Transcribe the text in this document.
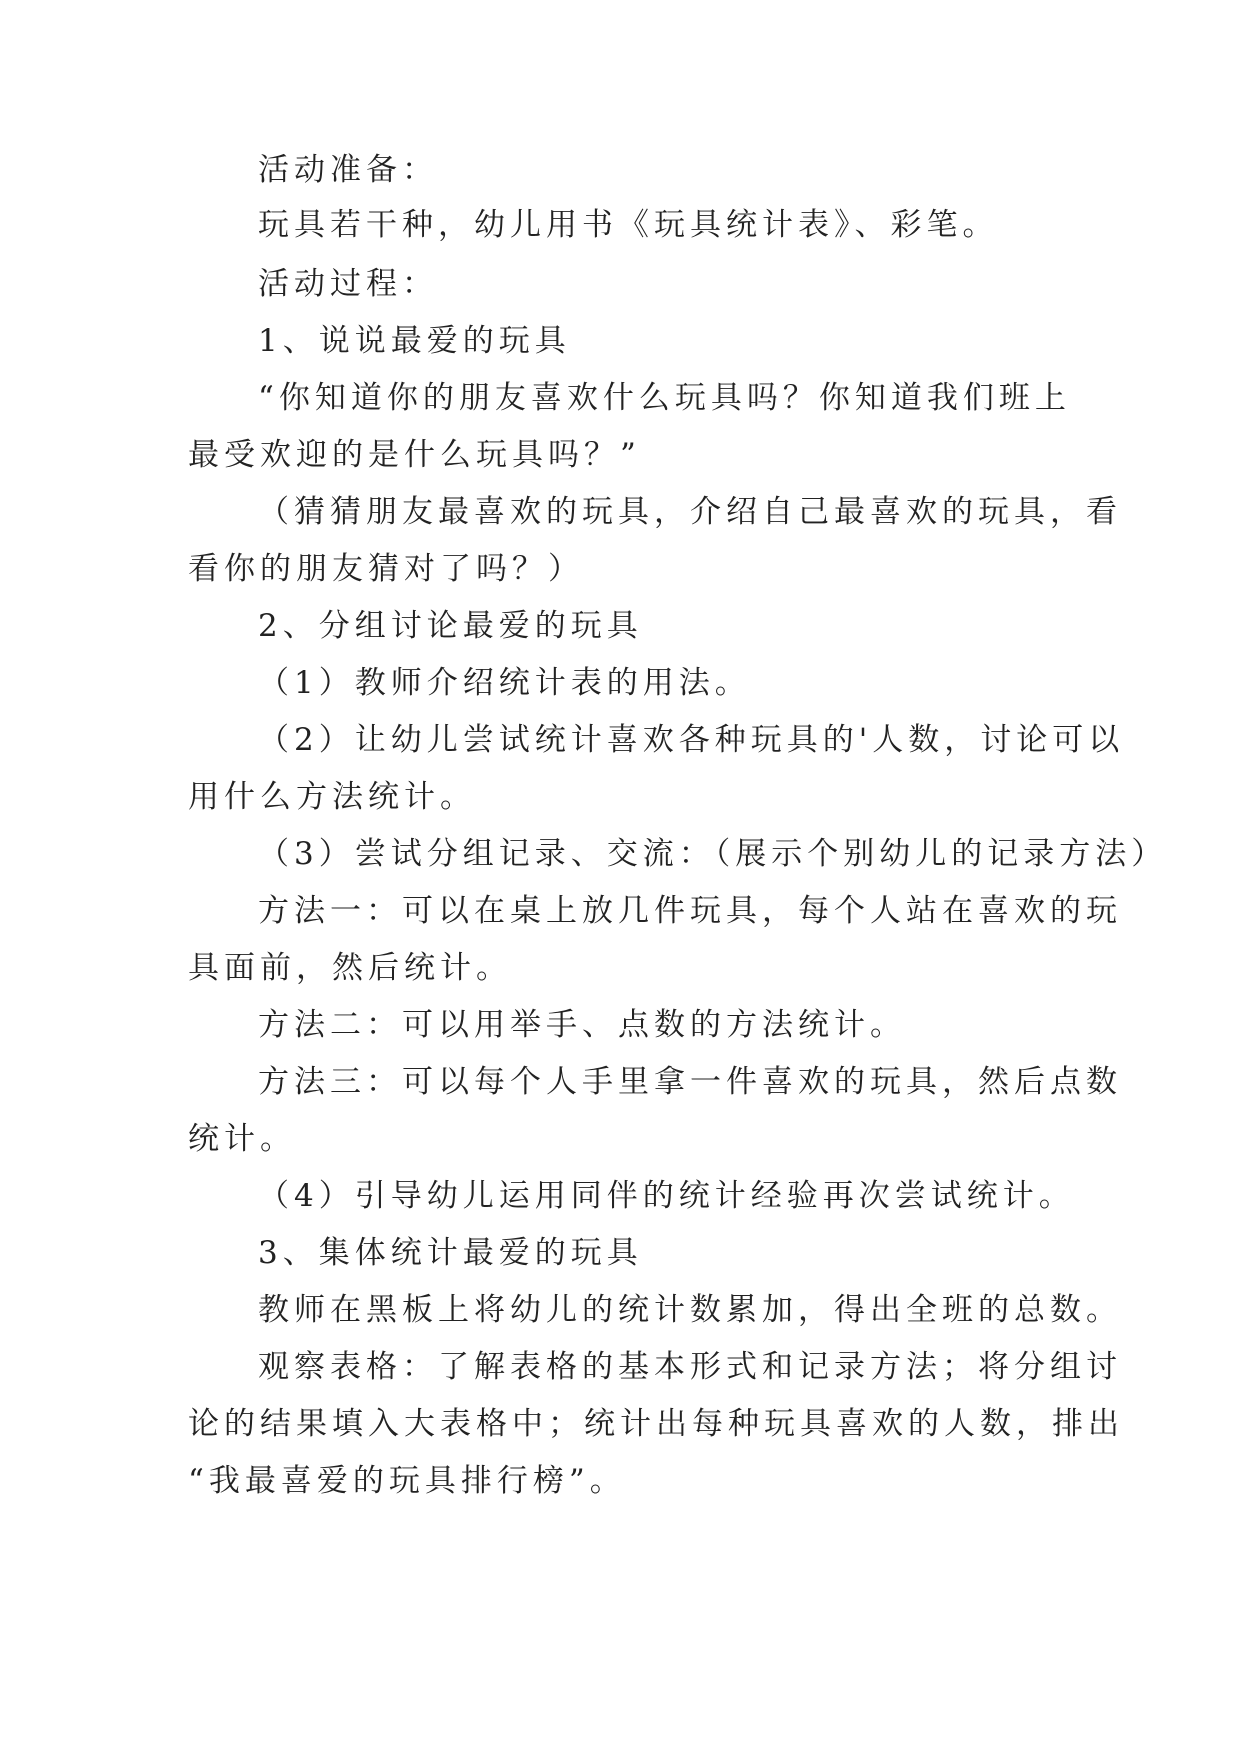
活动准备：
玩具若干种，幼儿用书《玩具统计表》、彩笔。
活动过程：
1、说说最爱的玩具
“你知道你的朋友喜欢什么玩具吗？你知道我们班上
最受欢迎的是什么玩具吗？”
（猜猜朋友最喜欢的玩具，介绍自己最喜欢的玩具，看
看你的朋友猜对了吗？）
2、分组讨论最爱的玩具
（1）教师介绍统计表的用法。
（2）让幼儿尝试统计喜欢各种玩具的'人数，讨论可以
用什么方法统计。
（3）尝试分组记录、交流：（展示个别幼儿的记录方法）
方法一：可以在桌上放几件玩具，每个人站在喜欢的玩
具面前，然后统计。
方法二：可以用举手、点数的方法统计。
方法三：可以每个人手里拿一件喜欢的玩具，然后点数
统计。
（4）引导幼儿运用同伴的统计经验再次尝试统计。
3、集体统计最爱的玩具
教师在黑板上将幼儿的统计数累加，得出全班的总数。
观察表格：了解表格的基本形式和记录方法；将分组讨
论的结果填入大表格中；统计出每种玩具喜欢的人数，排出
“我最喜爱的玩具排行榜”。
